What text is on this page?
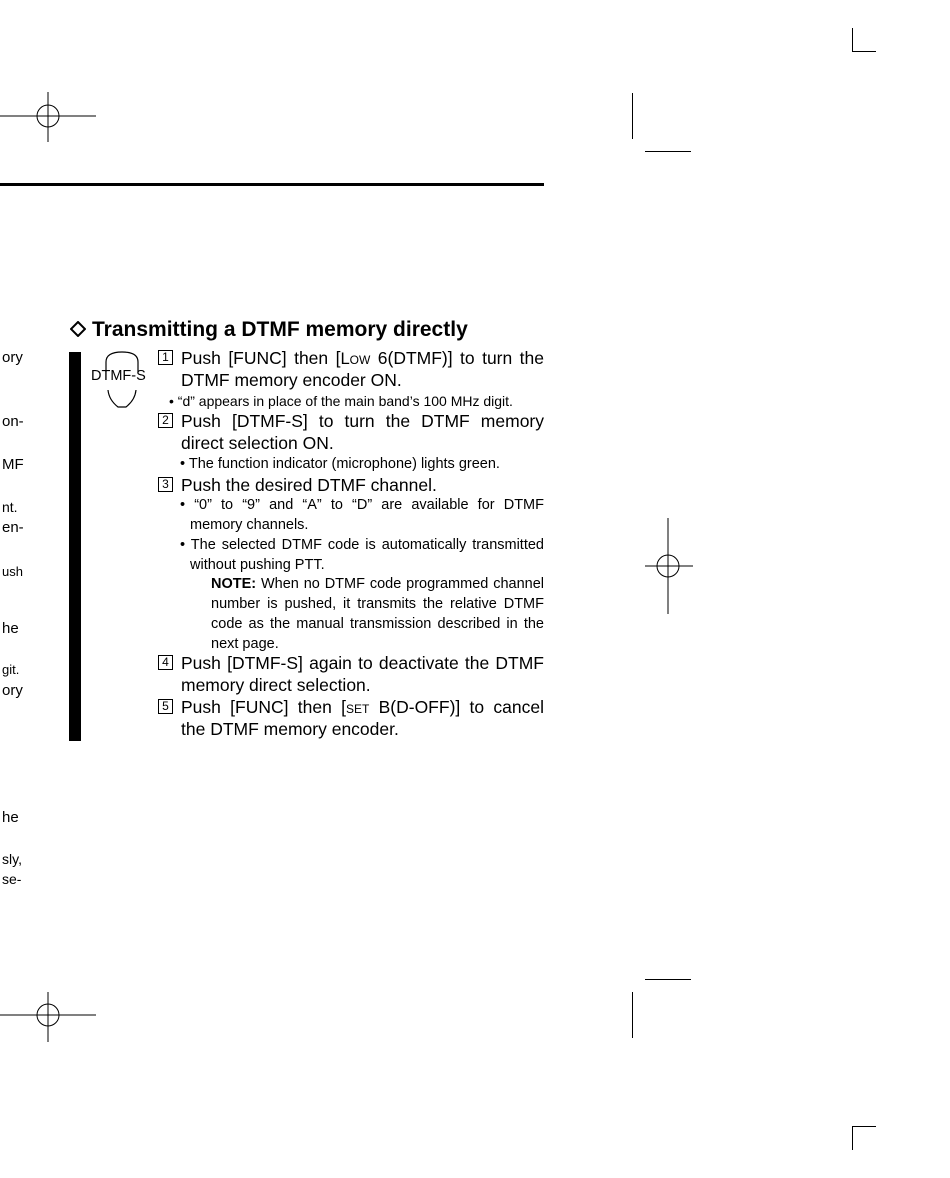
ory
on-
MF
nt.
en-
ush
he
git.
ory
he
sly,
se-
Transmitting a DTMF memory directly
DTMF-S
1 Push [FUNC] then [Low 6(DTMF)] to turn the DTMF memory encoder ON.
• “d” appears in place of the main band’s 100 MHz digit.
2 Push [DTMF-S] to turn the DTMF memory direct selection ON.
• The function indicator (microphone) lights green.
3 Push the desired DTMF channel.
• “0” to “9” and “A” to “D” are available for DTMF memory channels.
• The selected DTMF code is automatically transmitted without pushing PTT.
NOTE: When no DTMF code programmed channel number is pushed, it transmits the relative DTMF code as the manual transmission described in the next page.
4 Push [DTMF-S] again to deactivate the DTMF memory direct selection.
5 Push [FUNC] then [set B(D-OFF)] to cancel the DTMF memory encoder.
